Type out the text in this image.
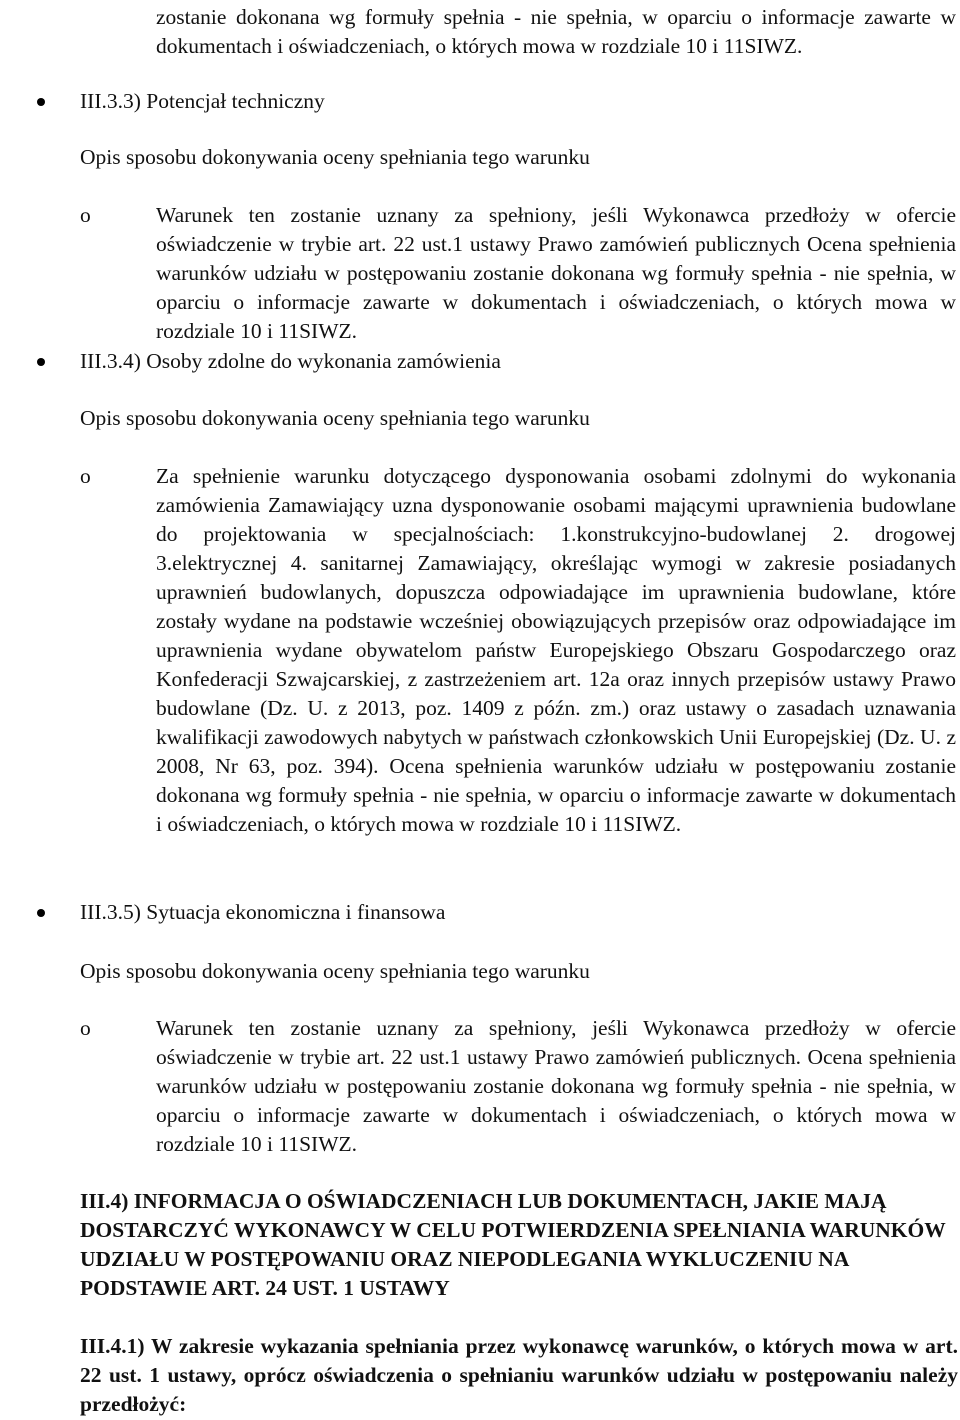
zostanie dokonana wg formuły spełnia - nie spełnia, w oparciu o informacje zawarte w dokumentach i oświadczeniach, o których mowa w rozdziale 10 i 11SIWZ.

III.3.3) Potencjał techniczny

Opis sposobu dokonywania oceny spełniania tego warunku

o	Warunek ten zostanie uznany za spełniony, jeśli Wykonawca przedłoży w ofercie oświadczenie w trybie art. 22 ust.1 ustawy Prawo zamówień publicznych Ocena spełnienia warunków udziału w postępowaniu zostanie dokonana wg formuły spełnia - nie spełnia, w oparciu o informacje zawarte w dokumentach i oświadczeniach, o których mowa w rozdziale 10 i 11SIWZ.

III.3.4) Osoby zdolne do wykonania zamówienia

Opis sposobu dokonywania oceny spełniania tego warunku

o	Za spełnienie warunku dotyczącego dysponowania osobami zdolnymi do wykonania zamówienia Zamawiający uzna dysponowanie osobami mającymi uprawnienia budowlane do projektowania w specjalnościach: 1.konstrukcyjno-budowlanej 2. drogowej 3.elektrycznej 4. sanitarnej Zamawiający, określając wymogi w zakresie posiadanych uprawnień budowlanych, dopuszcza odpowiadające im uprawnienia budowlane, które zostały wydane na podstawie wcześniej obowiązujących przepisów oraz odpowiadające im uprawnienia wydane obywatelom państw Europejskiego Obszaru Gospodarczego oraz Konfederacji Szwajcarskiej, z zastrzeżeniem art. 12a oraz innych przepisów ustawy Prawo budowlane (Dz. U. z 2013, poz. 1409 z późn. zm.) oraz ustawy o zasadach uznawania kwalifikacji zawodowych nabytych w państwach członkowskich Unii Europejskiej (Dz. U. z 2008, Nr 63, poz. 394). Ocena spełnienia warunków udziału w postępowaniu zostanie dokonana wg formuły spełnia - nie spełnia, w oparciu o informacje zawarte w dokumentach i oświadczeniach, o których mowa w rozdziale 10 i 11SIWZ.

III.3.5) Sytuacja ekonomiczna i finansowa

Opis sposobu dokonywania oceny spełniania tego warunku

o	Warunek ten zostanie uznany za spełniony, jeśli Wykonawca przedłoży w ofercie oświadczenie w trybie art. 22 ust.1 ustawy Prawo zamówień publicznych. Ocena spełnienia warunków udziału w postępowaniu zostanie dokonana wg formuły spełnia - nie spełnia, w oparciu o informacje zawarte w dokumentach i oświadczeniach, o których mowa w rozdziale 10 i 11SIWZ.

III.4) INFORMACJA O OŚWIADCZENIACH LUB DOKUMENTACH, JAKIE MAJĄ DOSTARCZYĆ WYKONAWCY W CELU POTWIERDZENIA SPEŁNIANIA WARUNKÓW UDZIAŁU W POSTĘPOWANIU ORAZ NIEPODLEGANIA WYKLUCZENIU NA PODSTAWIE ART. 24 UST. 1 USTAWY

III.4.1) W zakresie wykazania spełniania przez wykonawcę warunków, o których mowa w art. 22 ust. 1 ustawy, oprócz oświadczenia o spełnianiu warunków udziału w postępowaniu należy przedłożyć:
